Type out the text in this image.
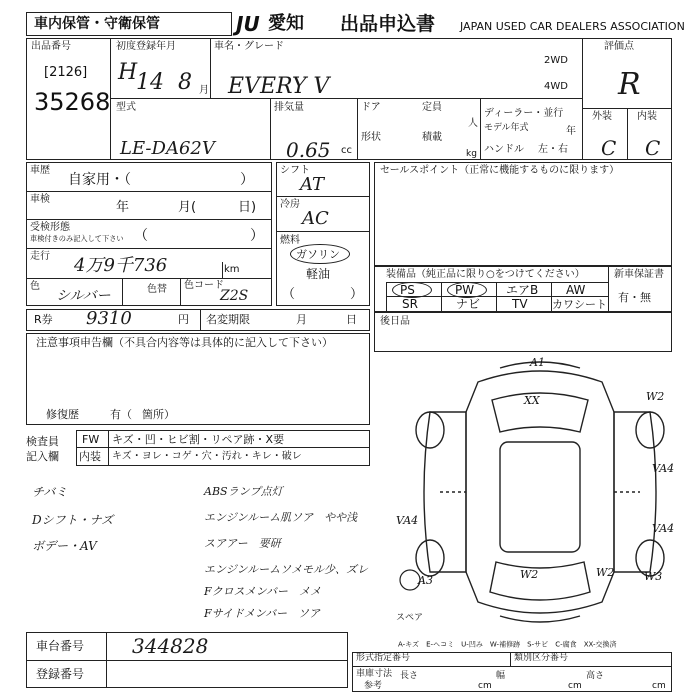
車内保管・守衛保管	JU 愛知 出品申込書 JAPAN USED CAR DEALERS ASSOCIATION
出品番号
[2126]
35268
初度登録年月
H
14 8 月
車名・グレード
EVERY V
2WD
4WD
評価点
R
外装	内装
C C
型式
LE-DA62V
排気量
0.65 cc
ドア	定員
人
形状	積載
kg
ディーラー・並行
モデル年式	年
ハンドル 左・右
車歴
自家用・（	）
車検
年	月(	日)
受検形態
車検付きのみ記入して下さい （	）
走行 4万9千736	km
色
シルバー	色替 色コード
Z2S
シフト
AT
冷房
AC
燃料
ガソリン
軽油
（	）
セールスポイント（正常に機能するものに限ります）
装備品（純正品に限り○をつけてください）	新車保証書
有・無
PS	PW	エアB AW
SR	ナビ	TV カワシート
R券 9310	円 名変期限	月	日
注意事項申告欄（不具合内容等は具体的に記入して下さい）
修復歴	有（ 箇所）
後日品
検査員記入欄
FW キズ・凹・ヒビ割・リペア跡・X要
内装 キズ・ヨレ・コゲ・穴・汚れ・キレ・破レ
チバミ
Dシフト・ナズ
ボデー・AV
ABSランプ点灯
エンジンルーム肌ソア　やや浅
スアアー　要研
エンジンルームソメモル少、ズレ
Fクロスメンバー　メメ
Fサイドメンバー　ソア
A1
XX	W2
VA4
VA4
VA4
W2
A3
W2	W3
スペア
A-キズ　E-ヘコミ　U-凹み　W-補修跡　S-サビ　C-腐食　XX-交換済
車台番号 344828
登録番号
形式指定番号	類別区分番号
車庫寸法
参考
長さ
cm
幅
cm
高さ
cm
